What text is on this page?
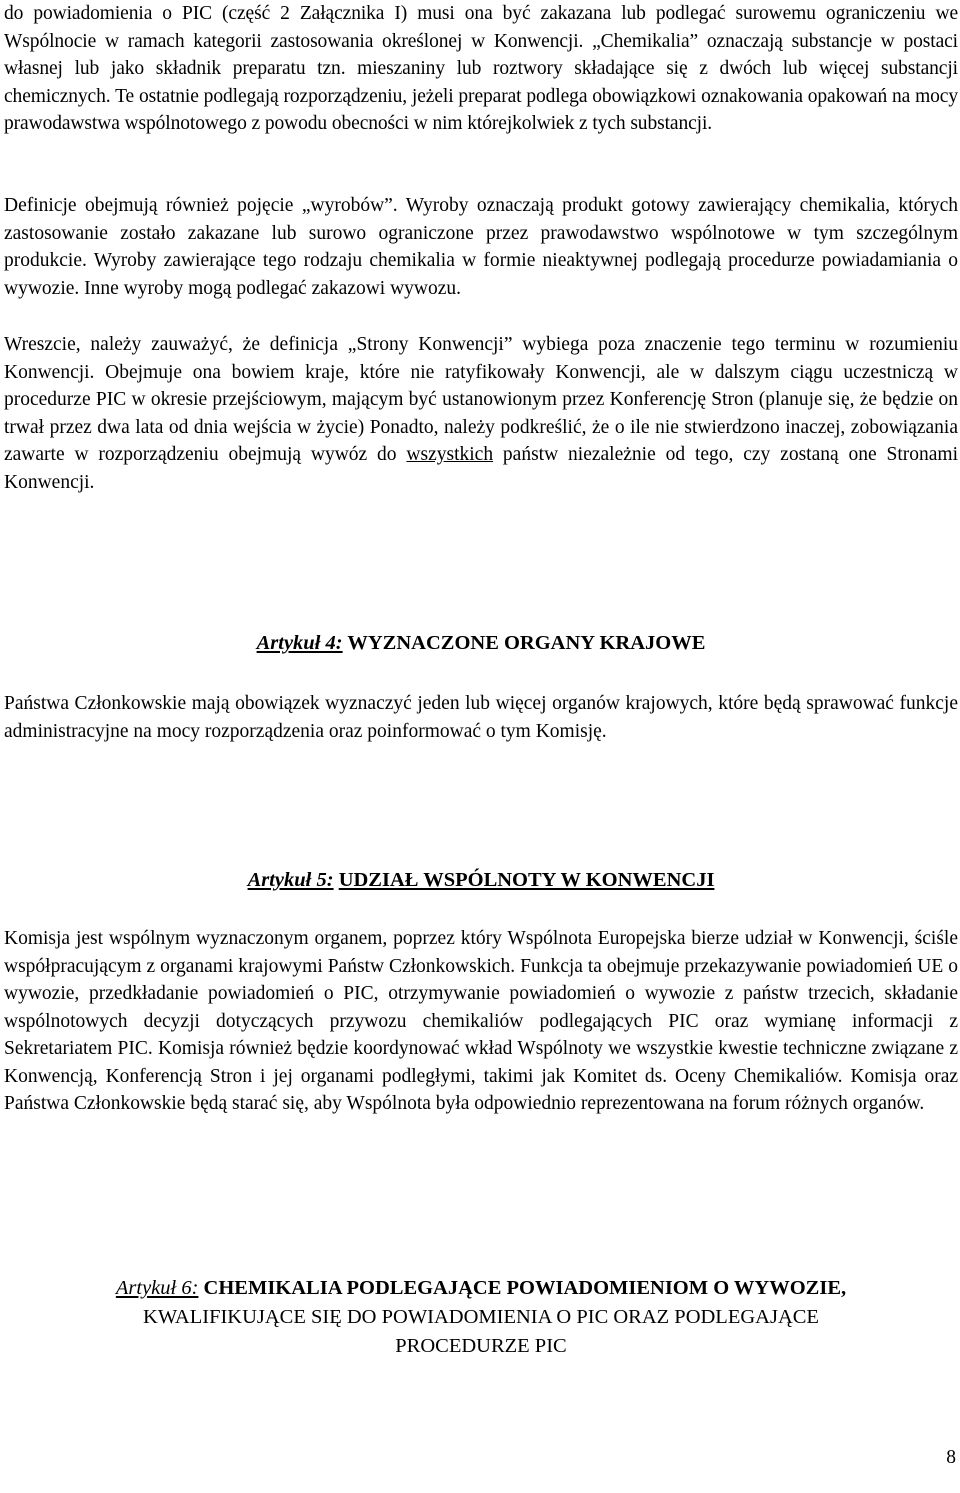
do powiadomienia o PIC (część 2 Załącznika I) musi ona być zakazana lub podlegać surowemu ograniczeniu we Wspólnocie w ramach kategorii zastosowania określonej w Konwencji. „Chemikalia” oznaczają substancje w postaci własnej lub jako składnik preparatu tzn. mieszaniny lub roztwory składające się z dwóch lub więcej substancji chemicznych. Te ostatnie podlegają rozporządzeniu, jeżeli preparat podlega obowiązkowi oznakowania opakowań na mocy prawodawstwa wspólnotowego z powodu obecności w nim którejkolwiek z tych substancji.

Definicje obejmują również pojęcie „wyrobów”. Wyroby oznaczają produkt gotowy zawierający chemikalia, których zastosowanie zostało zakazane lub surowo ograniczone przez prawodawstwo wspólnotowe w tym szczególnym produkcie. Wyroby zawierające tego rodzaju chemikalia w formie nieaktywnej podlegają procedurze powiadamiania o wywozie. Inne wyroby mogą podlegać zakazowi wywozu.

Wreszcie, należy zauważyć, że definicja „Strony Konwencji” wybiega poza znaczenie tego terminu w rozumieniu Konwencji. Obejmuje ona bowiem kraje, które nie ratyfikowały Konwencji, ale w dalszym ciągu uczestniczą w procedurze PIC w okresie przejściowym, mającym być ustanowionym przez Konferencję Stron (planuje się, że będzie on trwał przez dwa lata od dnia wejścia w życie) Ponadto, należy podkreślić, że o ile nie stwierdzono inaczej, zobowiązania zawarte w rozporządzeniu obejmują wywóz do wszystkich państw niezależnie od tego, czy zostaną one Stronami Konwencji.

Artykuł 4: WYZNACZONE ORGANY KRAJOWE

Państwa Członkowskie mają obowiązek wyznaczyć jeden lub więcej organów krajowych, które będą sprawować funkcje administracyjne na mocy rozporządzenia oraz poinformować o tym Komisję.

Artykuł 5: UDZIAŁ WSPÓLNOTY W KONWENCJI

Komisja jest wspólnym wyznaczonym organem, poprzez który Wspólnota Europejska bierze udział w Konwencji, ściśle współpracującym z organami krajowymi Państw Członkowskich. Funkcja ta obejmuje przekazywanie powiadomień UE o wywozie, przedkładanie powiadomień o PIC, otrzymywanie powiadomień o wywozie z państw trzecich, składanie wspólnotowych decyzji dotyczących przywozu chemikaliów podlegających PIC oraz wymianę informacji z Sekretariatem PIC. Komisja również będzie koordynować wkład Wspólnoty we wszystkie kwestie techniczne związane z Konwencją, Konferencją Stron i jej organami podległymi, takimi jak Komitet ds. Oceny Chemikaliów. Komisja oraz Państwa Członkowskie będą starać się, aby Wspólnota była odpowiednio reprezentowana na forum różnych organów.

Artykuł 6: CHEMIKALIA PODLEGAJĄCE POWIADOMIENIOM O WYWOZIE,

KWALIFIKUJĄCE SIĘ DO POWIADOMIENIA O PIC ORAZ PODLEGAJĄCE

PROCEDURZE PIC

8
